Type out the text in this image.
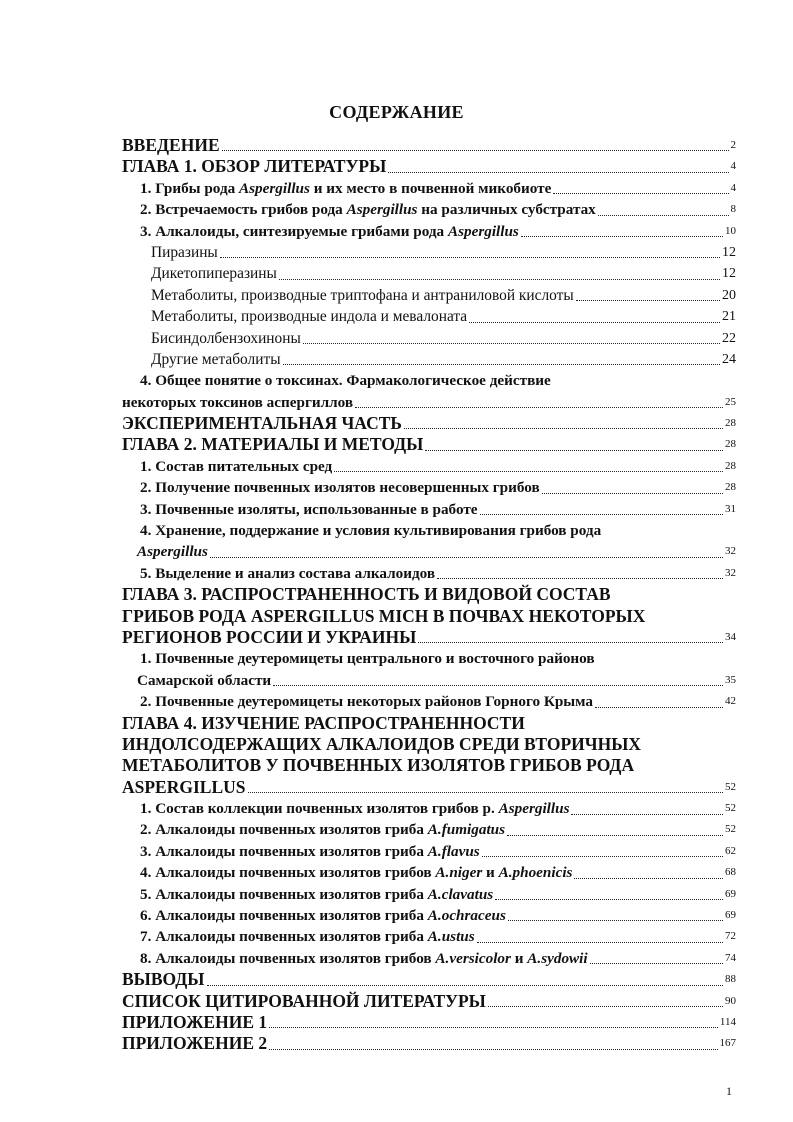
СОДЕРЖАНИЕ
ВВЕДЕНИЕ	2
ГЛАВА 1. ОБЗОР ЛИТЕРАТУРЫ	4
1. Грибы рода Aspergillus и их место в почвенной микобиоте	4
2. Встречаемость грибов рода Aspergillus на различных субстратах	8
3. Алкалоиды, синтезируемые грибами рода Aspergillus	10
Пиразины	12
Дикетопиперазины	12
Метаболиты, производные триптофана и антраниловой кислоты	20
Метаболиты, производные индола и мевалоната	21
Бисиндолбензохиноны	22
Другие метаболиты	24
4. Общее понятие о токсинах. Фармакологическое действие
некоторых токсинов аспергиллов	25
ЭКСПЕРИМЕНТАЛЬНАЯ ЧАСТЬ	28
ГЛАВА 2. МАТЕРИАЛЫ И МЕТОДЫ	28
1. Состав питательных сред	28
2. Получение почвенных изолятов несовершенных грибов	28
3. Почвенные изоляты, использованные в работе	31
4. Хранение, поддержание и условия культивирования грибов рода
Aspergillus	32
5. Выделение и анализ состава алкалоидов	32
ГЛАВА 3. РАСПРОСТРАНЕННОСТЬ И ВИДОВОЙ СОСТАВ
ГРИБОВ РОДА ASPERGILLUS MICH В ПОЧВАХ НЕКОТОРЫХ
РЕГИОНОВ РОССИИ И УКРАИНЫ	34
1. Почвенные деутеромицеты центрального и восточного районов
Самарской области	35
2. Почвенные деутеромицеты некоторых районов Горного Крыма	42
ГЛАВА 4. ИЗУЧЕНИЕ РАСПРОСТРАНЕННОСТИ
ИНДОЛСОДЕРЖАЩИХ АЛКАЛОИДОВ СРЕДИ ВТОРИЧНЫХ
МЕТАБОЛИТОВ У ПОЧВЕННЫХ ИЗОЛЯТОВ ГРИБОВ РОДА
ASPERGILLUS	52
1. Состав коллекции почвенных изолятов грибов р. Aspergillus	52
2. Алкалоиды почвенных изолятов гриба A.fumigatus	52
3. Алкалоиды почвенных изолятов гриба A.flavus	62
4. Алкалоиды почвенных изолятов грибов A.niger и A.phoenicis	68
5. Алкалоиды почвенных изолятов гриба A.clavatus	69
6. Алкалоиды почвенных изолятов гриба A.ochraceus	69
7. Алкалоиды почвенных изолятов гриба A.ustus	72
8. Алкалоиды почвенных изолятов грибов A.versicolor и A.sydowii	74
ВЫВОДЫ	88
СПИСОК ЦИТИРОВАННОЙ ЛИТЕРАТУРЫ	90
ПРИЛОЖЕНИЕ 1	114
ПРИЛОЖЕНИЕ 2	167
1
